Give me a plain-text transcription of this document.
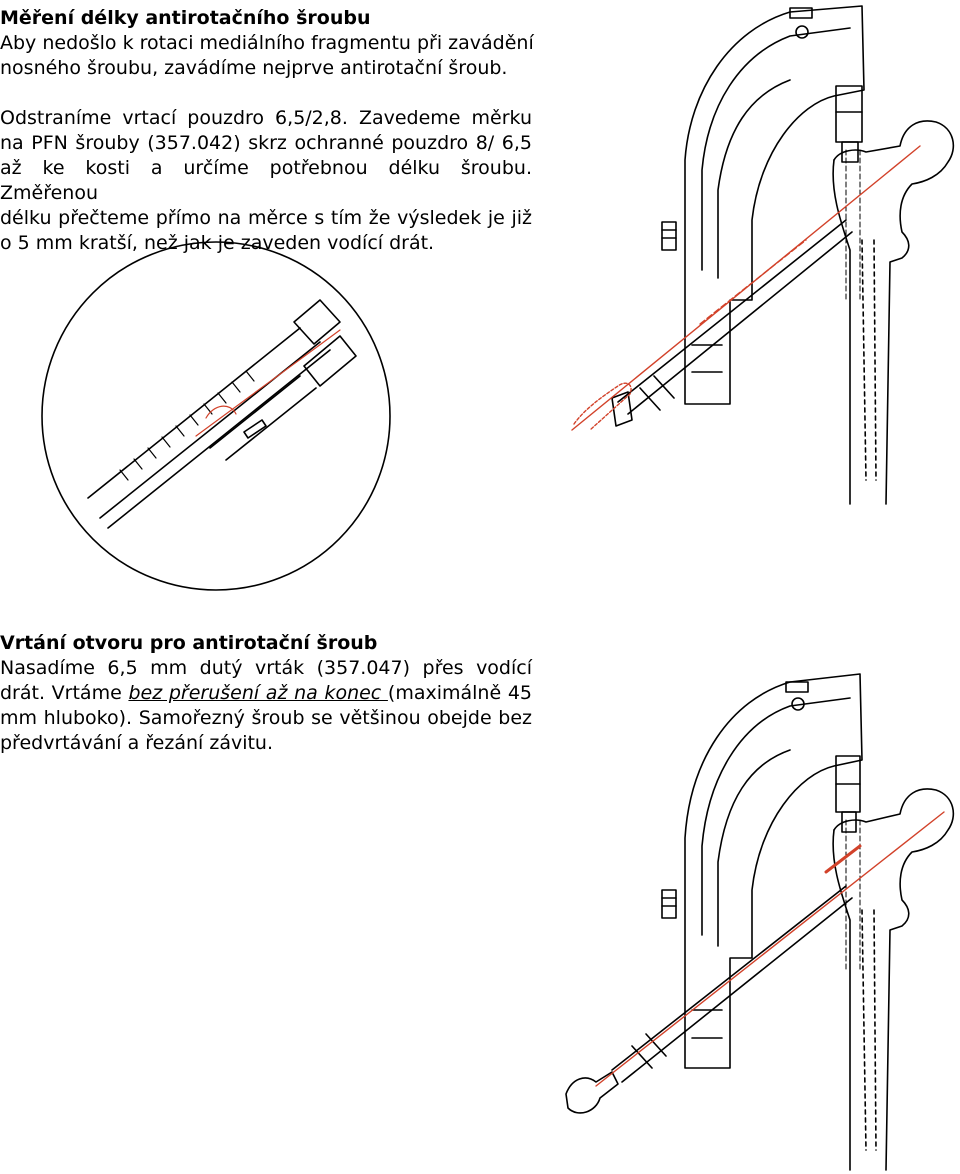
Měření délky antirotačního šroubu
Aby nedošlo k rotaci mediálního fragmentu při zavádění
nosného šroubu, zavádíme nejprve antirotační šroub.
Odstraníme vrtací pouzdro 6,5/2,8. Zavedeme měrku
na PFN šrouby (357.042) skrz ochranné pouzdro 8/ 6,5
až ke kosti a určíme potřebnou délku šroubu. Změřenou
délku přečteme přímo na měrce s tím že výsledek je již
o 5 mm kratší, než jak je zaveden vodící drát.
Vrtání otvoru pro antirotační šroub
Nasadíme 6,5 mm dutý vrták (357.047) přes vodící
drát. Vrtáme bez přerušení až na konec (maximálně 45
mm hluboko). Samořezný šroub se většinou obejde bez
předvrtávání a řezání závitu.
